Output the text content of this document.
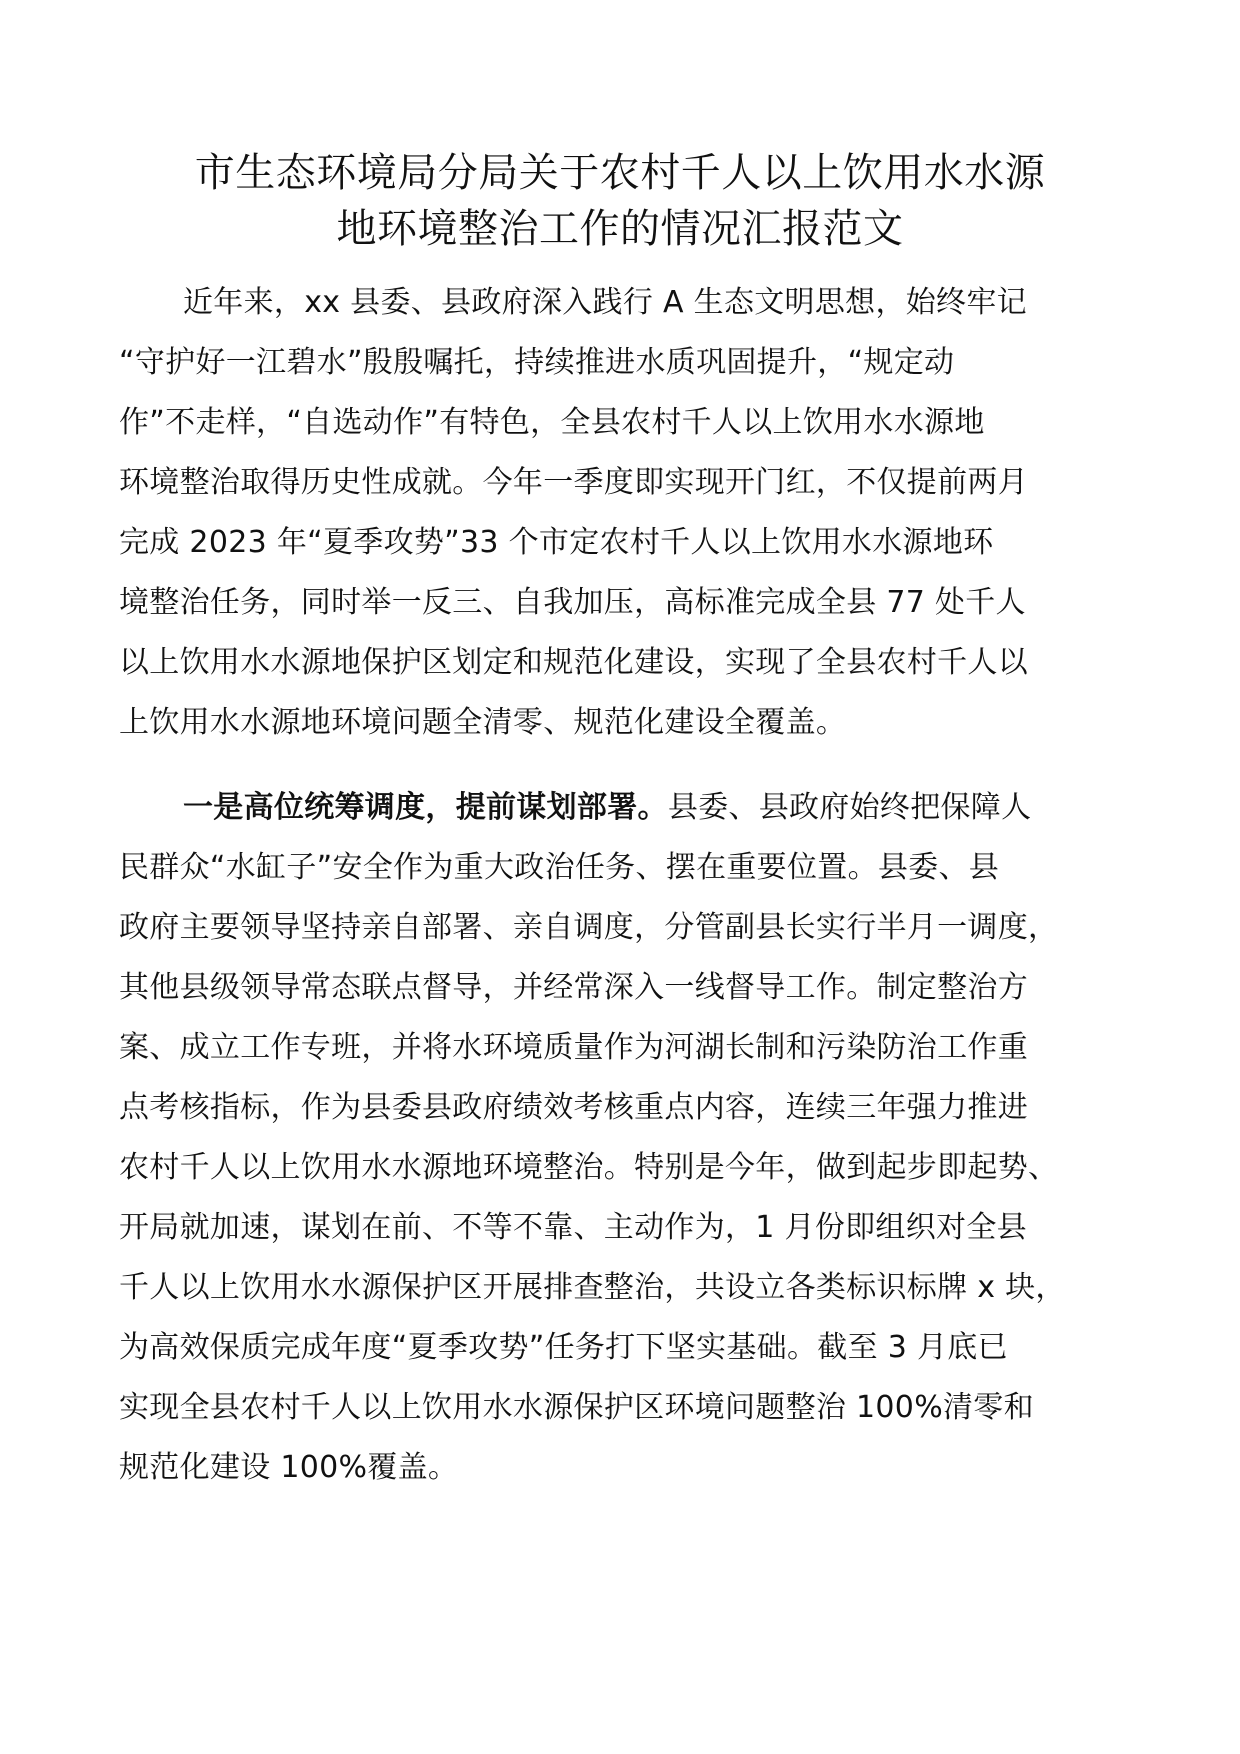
市生态环境局分局关于农村千人以上饮用水水源
地环境整治工作的情况汇报范文
近年来，xx 县委、县政府深入践行 A 生态文明思想，始终牢记
“守护好一江碧水”殷殷嘱托，持续推进水质巩固提升，“规定动
作”不走样，“自选动作”有特色，全县农村千人以上饮用水水源地
环境整治取得历史性成就。今年一季度即实现开门红，不仅提前两月
完成 2023 年“夏季攻势”33 个市定农村千人以上饮用水水源地环
境整治任务，同时举一反三、自我加压，高标准完成全县 77 处千人
以上饮用水水源地保护区划定和规范化建设，实现了全县农村千人以
上饮用水水源地环境问题全清零、规范化建设全覆盖。
一是高位统筹调度，提前谋划部署。县委、县政府始终把保障人
民群众“水缸子”安全作为重大政治任务、摆在重要位置。县委、县
政府主要领导坚持亲自部署、亲自调度，分管副县长实行半月一调度，
其他县级领导常态联点督导，并经常深入一线督导工作。制定整治方
案、成立工作专班，并将水环境质量作为河湖长制和污染防治工作重
点考核指标，作为县委县政府绩效考核重点内容，连续三年强力推进
农村千人以上饮用水水源地环境整治。特别是今年，做到起步即起势、
开局就加速，谋划在前、不等不靠、主动作为，1 月份即组织对全县
千人以上饮用水水源保护区开展排查整治，共设立各类标识标牌 x 块，
为高效保质完成年度“夏季攻势”任务打下坚实基础。截至 3 月底已
实现全县农村千人以上饮用水水源保护区环境问题整治 100%清零和
规范化建设 100%覆盖。
